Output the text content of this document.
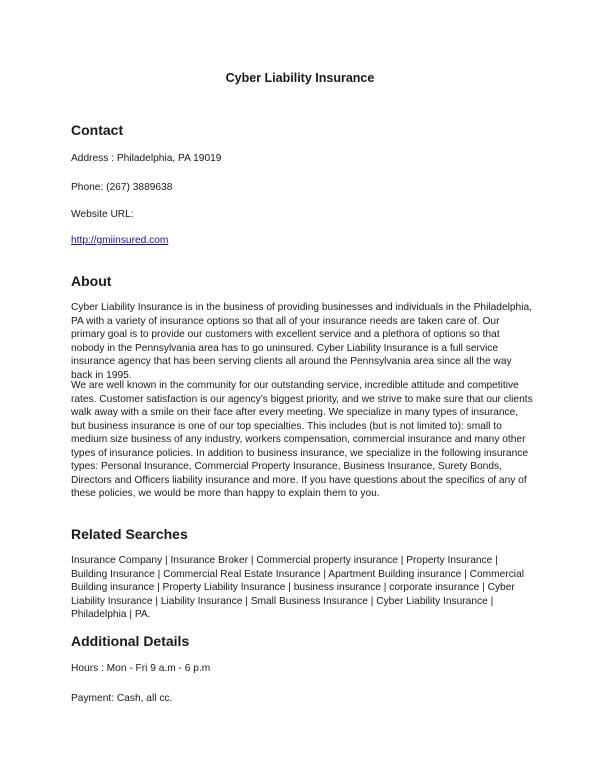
Cyber Liability Insurance
Contact

Address : Philadelphia, PA 19019

Phone: (267) 3889638

Website URL:

http://gmiinsured.com

About

Cyber Liability Insurance is in the business of providing businesses and individuals in the Philadelphia, PA with a variety of insurance options so that all of your insurance needs are taken care of. Our primary goal is to provide our customers with excellent service and a plethora of options so that nobody in the Pennsylvania area has to go uninsured. Cyber Liability Insurance is a full service insurance agency that has been serving clients all around the Pennsylvania area since all the way back in 1995.

We are well known in the community for our outstanding service, incredible attitude and competitive rates. Customer satisfaction is our agency’s biggest priority, and we strive to make sure that our clients walk away with a smile on their face after every meeting. We specialize in many types of insurance, but business insurance is one of our top specialties. This includes (but is not limited to): small to medium size business of any industry, workers compensation, commercial insurance and many other types of insurance policies. In addition to business insurance, we specialize in the following insurance types: Personal Insurance, Commercial Property Insurance, Business Insurance, Surety Bonds, Directors and Officers liability insurance and more. If you have questions about the specifics of any of these policies, we would be more than happy to explain them to you.

Related Searches

Insurance Company | Insurance Broker | Commercial property insurance | Property Insurance | Building Insurance | Commercial Real Estate Insurance | Apartment Building insurance | Commercial Building insurance | Property Liability Insurance | business insurance | corporate insurance | Cyber Liability Insurance | Liability Insurance | Small Business Insurance | Cyber Liability Insurance | Philadelphia | PA.

Additional Details

Hours : Mon - Fri 9 a.m - 6 p.m

Payment: Cash, all cc.
